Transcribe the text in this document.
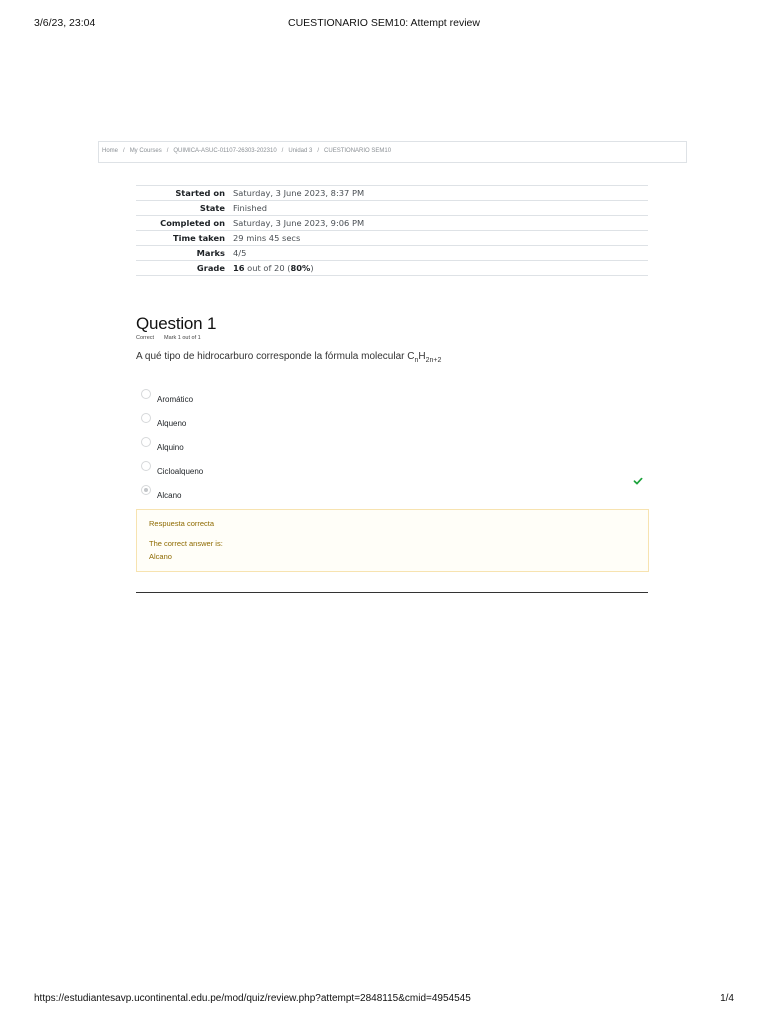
3/6/23, 23:04	CUESTIONARIO SEM10: Attempt review
Home / My Courses / QUIMICA-ASUC-01107-26303-202310 / Unidad 3 / CUESTIONARIO SEM10
Started on	Saturday, 3 June 2023, 8:37 PM
State	Finished
Completed on	Saturday, 3 June 2023, 9:06 PM
Time taken	29 mins 45 secs
Marks	4/5
Grade	16 out of 20 (80%)
Question 1
Correct Mark 1 out of 1

A qué tipo de hidrocarburo corresponde la fórmula molecular $C_nH_{2n+2}$

Aromático
Alqueno
Alquino
Cicloalqueno
Alcano
Respuesta correcta
The correct answer is:
Alcano
https://estudiantesavp.ucontinental.edu.pe/mod/quiz/review.php?attempt=2848115&cmid=4954545	1/4
